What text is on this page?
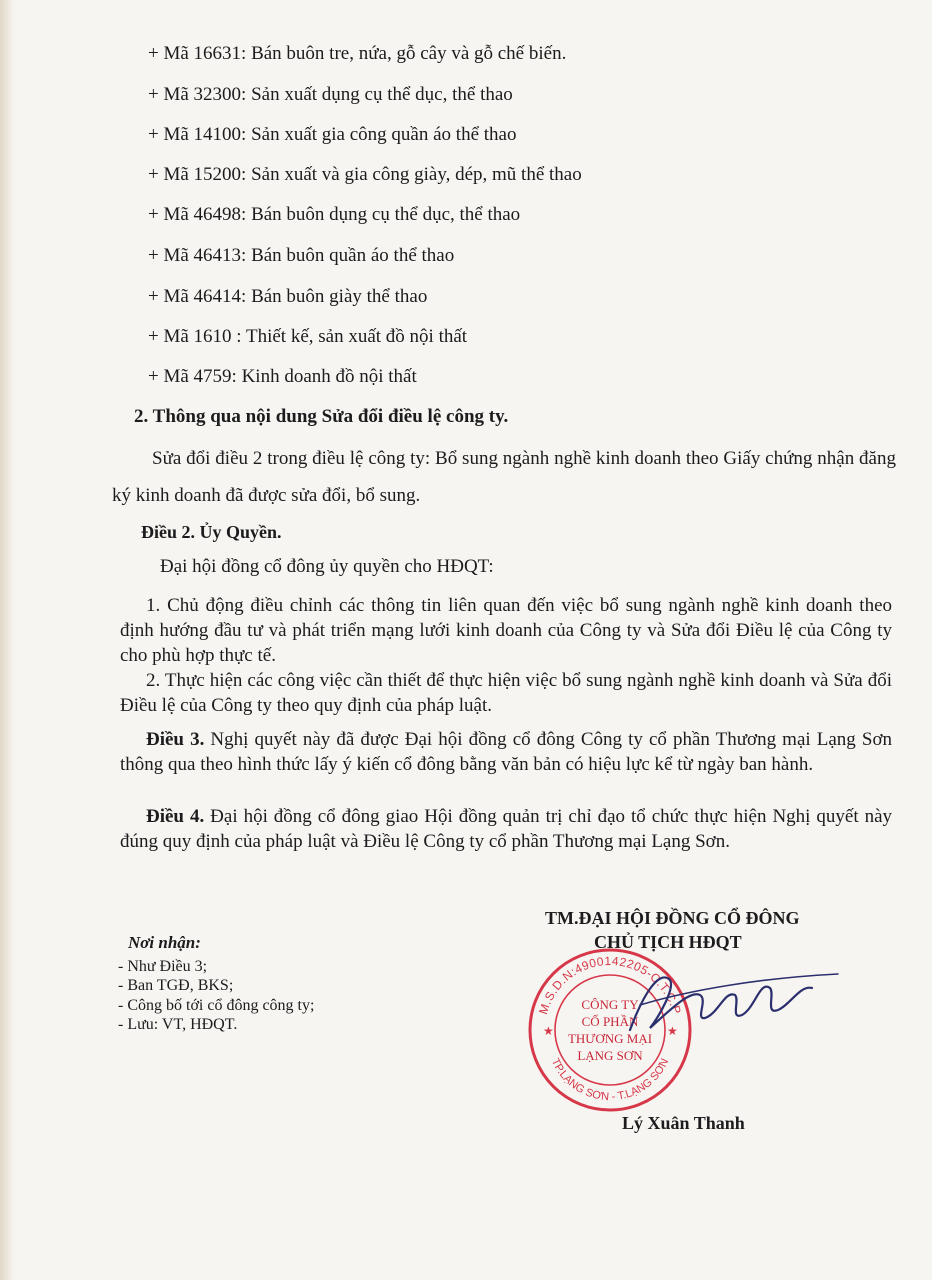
+ Mã 16631: Bán buôn tre, nứa, gỗ cây và gỗ chế biến.
+ Mã 32300: Sản xuất dụng cụ thể dục, thể thao
+ Mã 14100: Sản xuất gia công quần áo thể thao
+ Mã 15200: Sản xuất và gia công giày, dép, mũ thể thao
+ Mã 46498: Bán buôn dụng cụ thể dục, thể thao
+ Mã 46413: Bán buôn quần áo thể thao
+ Mã 46414: Bán buôn giày thể thao
+ Mã 1610 : Thiết kế, sản xuất đồ nội thất
+ Mã 4759: Kinh doanh đồ nội thất
2. Thông qua nội dung Sửa đổi điều lệ công ty.
Sửa đổi điều 2 trong điều lệ công ty: Bổ sung ngành nghề kinh doanh theo Giấy chứng nhận đăng ký kinh doanh đã được sửa đổi, bổ sung.
Điều 2. Ủy Quyền.
Đại hội đồng cổ đông ủy quyền cho HĐQT:
1. Chủ động điều chỉnh các thông tin liên quan đến việc bổ sung ngành nghề kinh doanh theo định hướng đầu tư và phát triển mạng lưới kinh doanh của Công ty và Sửa đổi Điều lệ của Công ty cho phù hợp thực tế.
2. Thực hiện các công việc cần thiết để thực hiện việc bổ sung ngành nghề kinh doanh và Sửa đổi Điều lệ của Công ty theo quy định của pháp luật.
Điều 3. Nghị quyết này đã được Đại hội đồng cổ đông Công ty cổ phần Thương mại Lạng Sơn thông qua theo hình thức lấy ý kiến cổ đông bằng văn bản có hiệu lực kể từ ngày ban hành.
Điều 4. Đại hội đồng cổ đông giao Hội đồng quản trị chỉ đạo tổ chức thực hiện Nghị quyết này đúng quy định của pháp luật và Điều lệ Công ty cổ phần Thương mại Lạng Sơn.
Nơi nhận:
- Như Điều 3;
- Ban TGĐ, BKS;
- Công bố tới cổ đông công ty;
- Lưu: VT, HĐQT.
TM.ĐẠI HỘI ĐỒNG CỔ ĐÔNG
CHỦ TỊCH HĐQT
M.S.D.N:4900142205-C.T.C.P
TP.LẠNG SƠN - T.LẠNG SƠN
★	★
CÔNG TY
CỔ PHẦN
THƯƠNG MẠI
LẠNG SƠN
Lý Xuân Thanh
